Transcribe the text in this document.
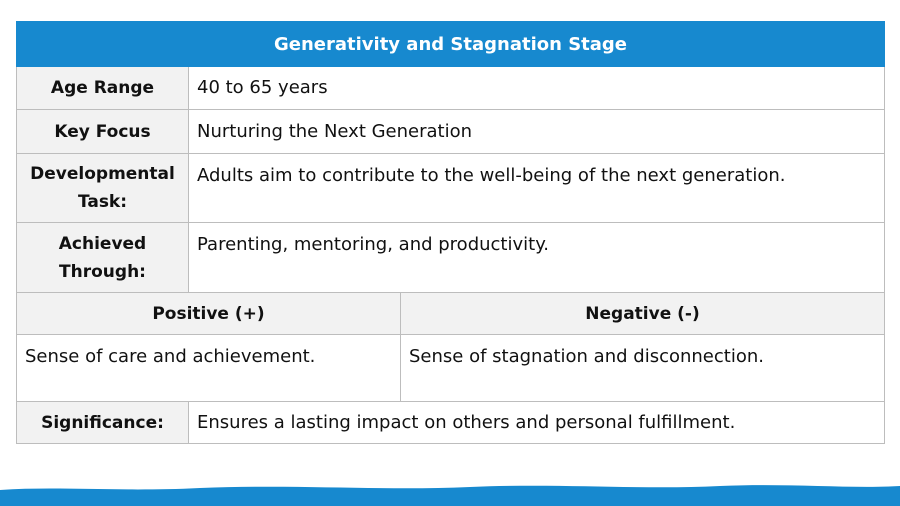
Generativity and Stagnation Stage		
Age Range	40 to 65 years	
Key Focus	Nurturing the Next Generation	
Developmental Task:	Adults aim to contribute to the well-being of the next generation.	
Achieved Through:	Parenting, mentoring, and productivity.	
Positive (+)		Negative (-)
Sense of care and achievement.		Sense of stagnation and disconnection.
Significance:	Ensures a lasting impact on others and personal fulfillment.	
